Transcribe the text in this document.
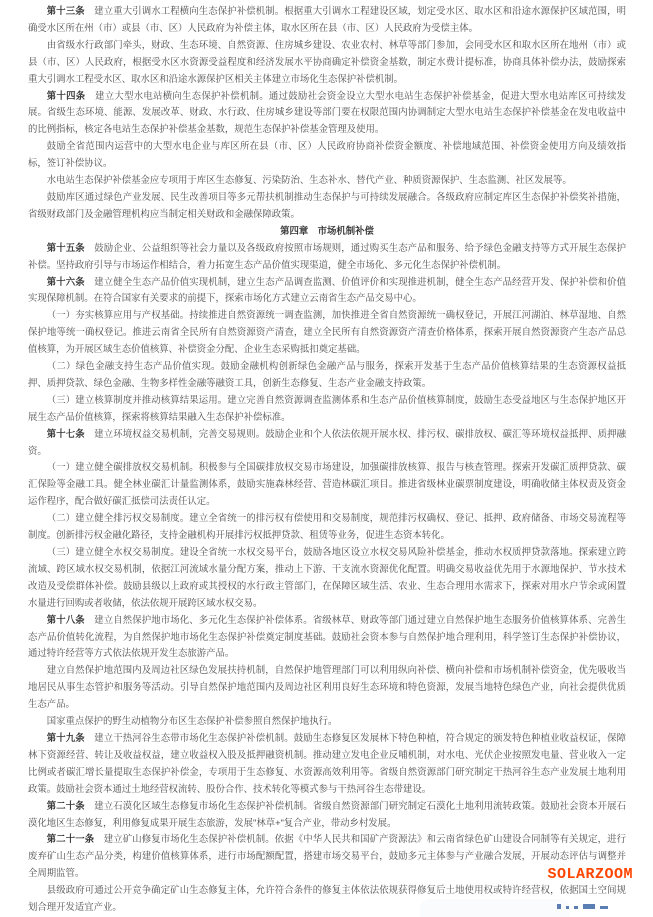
第十三条　建立重大引调水工程横向生态保护补偿机制。根据重大引调水工程建设区域，划定受水区、取水区和沿途水源保护区域范围，明确受水区所在州（市）或县（市、区）人民政府为补偿主体，取水区所在县（市、区）人民政府为受偿主体。

由省级水行政部门牵头，财政、生态环境、自然资源、住房城乡建设、农业农村、林草等部门参加，会同受水区和取水区所在地州（市）或县（市、区）人民政府，根据受水区水资源受益程度和经济发展水平协商确定补偿资金基数，制定水费计提标准，协商具体补偿办法，鼓励探索重大引调水工程受水区、取水区和沿途水源保护区相关主体建立市场化生态保护补偿机制。

第十四条　建立大型水电站横向生态保护补偿机制。通过鼓励社会资金设立大型水电站生态保护补偿基金，促进大型水电站库区可持续发展。省级生态环境、能源、发展改革、财政、水行政、住房城乡建设等部门要在权限范围内协调制定大型水电站生态保护补偿基金在发电收益中的比例指标，核定各电站生态保护补偿基金基数，规范生态保护补偿基金管理及使用。

鼓励全省范围内运营中的大型水电企业与库区所在县（市、区）人民政府协商补偿资金额度、补偿地域范围、补偿资金使用方向及绩效指标，签订补偿协议。

水电站生态保护补偿基金应专项用于库区生态修复、污染防治、生态补水、替代产业、种质资源保护、生态监测、社区发展等。

鼓励库区通过绿色产业发展、民生改善项目等多元帮扶机制推动生态保护与可持续发展融合。各级政府应制定库区生态保护补偿奖补措施，省级财政部门及金融管理机构应当制定相关财政和金融保障政策。

第四章　市场机制补偿

第十五条　鼓励企业、公益组织等社会力量以及各级政府按照市场规则，通过购买生态产品和服务、给予绿色金融支持等方式开展生态保护补偿。坚持政府引导与市场运作相结合，着力拓宽生态产品价值实现渠道，健全市场化、多元化生态保护补偿机制。

第十六条　建立健全生态产品价值实现机制，建立生态产品调查监测、价值评价和实现推进机制，健全生态产品经营开发、保护补偿和价值实现保障机制。在符合国家有关要求的前提下，探索市场化方式建立云南省生态产品交易中心。

（一）夯实核算应用与产权基础。持续推进自然资源统一调查监测，加快推进全省自然资源统一确权登记，开展江河湖泊、林草湿地、自然保护地等统一确权登记。推进云南省全民所有自然资源资产清查，建立全民所有自然资源资产清查价格体系，探索开展自然资源资产生态产品总值核算，为开展区域生态价值核算、补偿资金分配、企业生态采购抵扣奠定基础。

（二）绿色金融支持生态产品价值实现。鼓励金融机构创新绿色金融产品与服务，探索开发基于生态产品价值核算结果的生态资源权益抵押、质押贷款、绿色金融、生物多样性金融等融资工具，创新生态修复、生态产业金融支持政策。

（三）建立核算制度并推动核算结果运用。建立完善自然资源调查监测体系和生态产品价值核算制度，鼓励生态受益地区与生态保护地区开展生态产品价值核算，探索将核算结果融入生态保护补偿标准。

第十七条　建立环境权益交易机制，完善交易规则。鼓励企业和个人依法依规开展水权、排污权、碳排放权、碳汇等环境权益抵押、质押融资。

（一）建立健全碳排放权交易机制。积极参与全国碳排放权交易市场建设，加强碳排放核算、报告与核查管理。探索开发碳汇质押贷款、碳汇保险等金融工具。健全林业碳汇计量监测体系，鼓励实施森林经营、营造林碳汇项目。推进省级林业碳票制度建设，明确收储主体权责及资金运作程序，配合做好碳汇抵偿司法责任认定。

（二）建立健全排污权交易制度。建立全省统一的排污权有偿使用和交易制度，规范排污权确权、登记、抵押、政府储备、市场交易流程等制度。创新排污权金融化路径，支持金融机构开展排污权抵押贷款、租赁等业务，促进生态资本转化。

（三）建立健全水权交易制度。建设全省统一水权交易平台，鼓励各地区设立水权交易风险补偿基金，推动水权质押贷款落地。探索建立跨流域、跨区域水权交易机制，依据江河流域水量分配方案，推动上下游、干支流水资源优化配置。明确交易收益优先用于水源地保护、节水技术改造及受偿群体补偿。鼓励县级以上政府或其授权的水行政主管部门，在保障区域生活、农业、生态合理用水需求下，探索对用水户节余或闲置水量进行回购或者收储，依法依规开展跨区域水权交易。

第十八条　建立自然保护地市场化、多元化生态保护补偿体系。省级林草、财政等部门通过建立自然保护地生态服务价值核算体系、完善生态产品价值转化流程，为自然保护地市场化生态保护补偿奠定制度基础。鼓励社会资本参与自然保护地合理利用，科学签订生态保护补偿协议，通过特许经营等方式依法依规开发生态旅游产品。

建立自然保护地范围内及周边社区绿色发展扶持机制，自然保护地管理部门可以利用纵向补偿、横向补偿和市场机制补偿资金，优先吸收当地居民从事生态管护和服务等活动。引导自然保护地范围内及周边社区利用良好生态环境和特色资源，发展当地特色绿色产业，向社会提供优质生态产品。

国家重点保护的野生动植物分布区生态保护补偿参照自然保护地执行。

第十九条　建立干热河谷生态带市场化生态保护补偿机制。鼓励生态修复区发展林下特色种植，符合规定的颁发特色种植业收益权证，保障林下资源经营、转让及收益权益，建立收益权入股及抵押融资机制。推动建立发电企业反哺机制，对水电、光伏企业按照发电量、营业收入一定比例或者碳汇增长量提取生态保护补偿金，专项用于生态修复、水资源高效利用等。省级自然资源部门研究制定干热河谷生态产业发展土地利用政策。鼓励社会资本通过土地经营权流转、股份合作、技术转化等模式参与干热河谷生态带建设。

第二十条　建立石漠化区域生态修复市场化生态保护补偿机制。省级自然资源部门研究制定石漠化土地利用流转政策。鼓励社会资本开展石漠化地区生态修复，利用修复成果开展生态旅游，发展"林草+"复合产业，带动乡村发展。

第二十一条　建立矿山修复市场化生态保护补偿机制。依据《中华人民共和国矿产资源法》和云南省绿色矿山建设合同制等有关规定，进行废弃矿山生态产品分类，构建价值核算体系，进行市场配额配置，搭建市场交易平台，鼓励多元主体参与产业融合发展，开展动态评估与调整并全周期监管。

县级政府可通过公开竞争确定矿山生态修复主体，允许符合条件的修复主体依法依规获得修复后土地使用权或特许经营权，依据国土空间规划合理开发适宜产业。

SOLARZOOM
